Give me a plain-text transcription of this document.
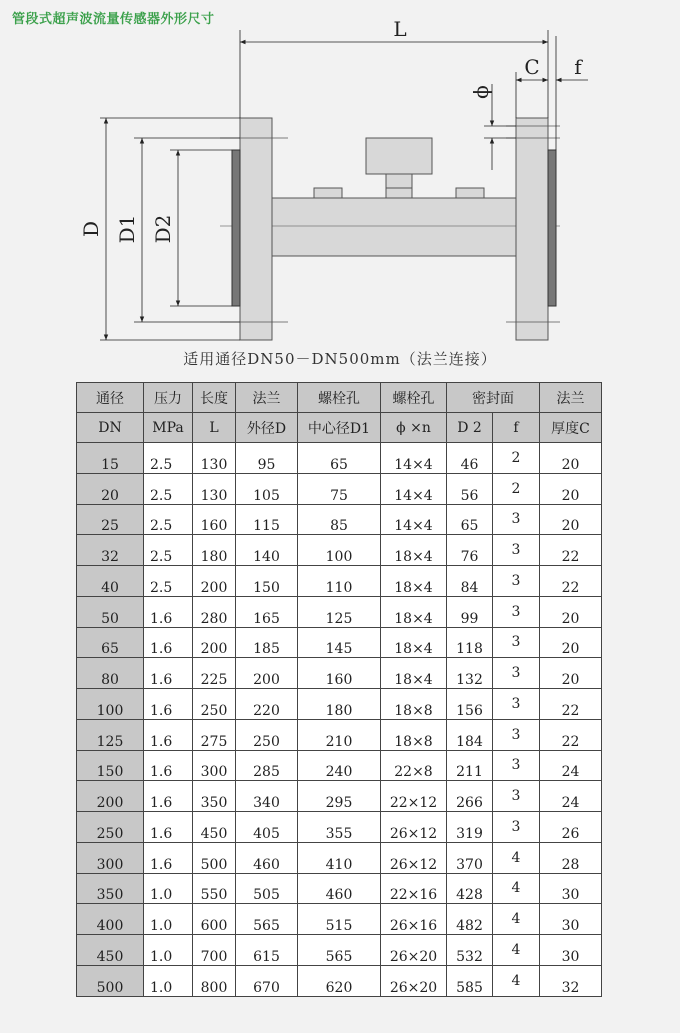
管段式超声波流量传感器外形尺寸	L
C f
ϕ
D D1 D2
适用通径DN50－DN500mm（法兰连接）
通径	压力	长度	法兰	螺栓孔	螺栓孔	密封面		法兰
DN	MPa	L	外径D	中心径D1	ϕ ×n	D 2	f	厚度C
15	2.5	130	95	65	14×4	46	2	20
20	2.5	130	105	75	14×4	56	2	20
25	2.5	160	115	85	14×4	65	3	20
32	2.5	180	140	100	18×4	76	3	22
40	2.5	200	150	110	18×4	84	3	22
50	1.6	280	165	125	18×4	99	3	20
65	1.6	200	185	145	18×4	118	3	20
80	1.6	225	200	160	18×4	132	3	20
100	1.6	250	220	180	18×8	156	3	22
125	1.6	275	250	210	18×8	184	3	22
150	1.6	300	285	240	22×8	211	3	24
200	1.6	350	340	295	22×12	266	3	24
250	1.6	450	405	355	26×12	319	3	26
300	1.6	500	460	410	26×12	370	4	28
350	1.0	550	505	460	22×16	428	4	30
400	1.0	600	565	515	26×16	482	4	30
450	1.0	700	615	565	26×20	532	4	30
500	1.0	800	670	620	26×20	585	4	32
